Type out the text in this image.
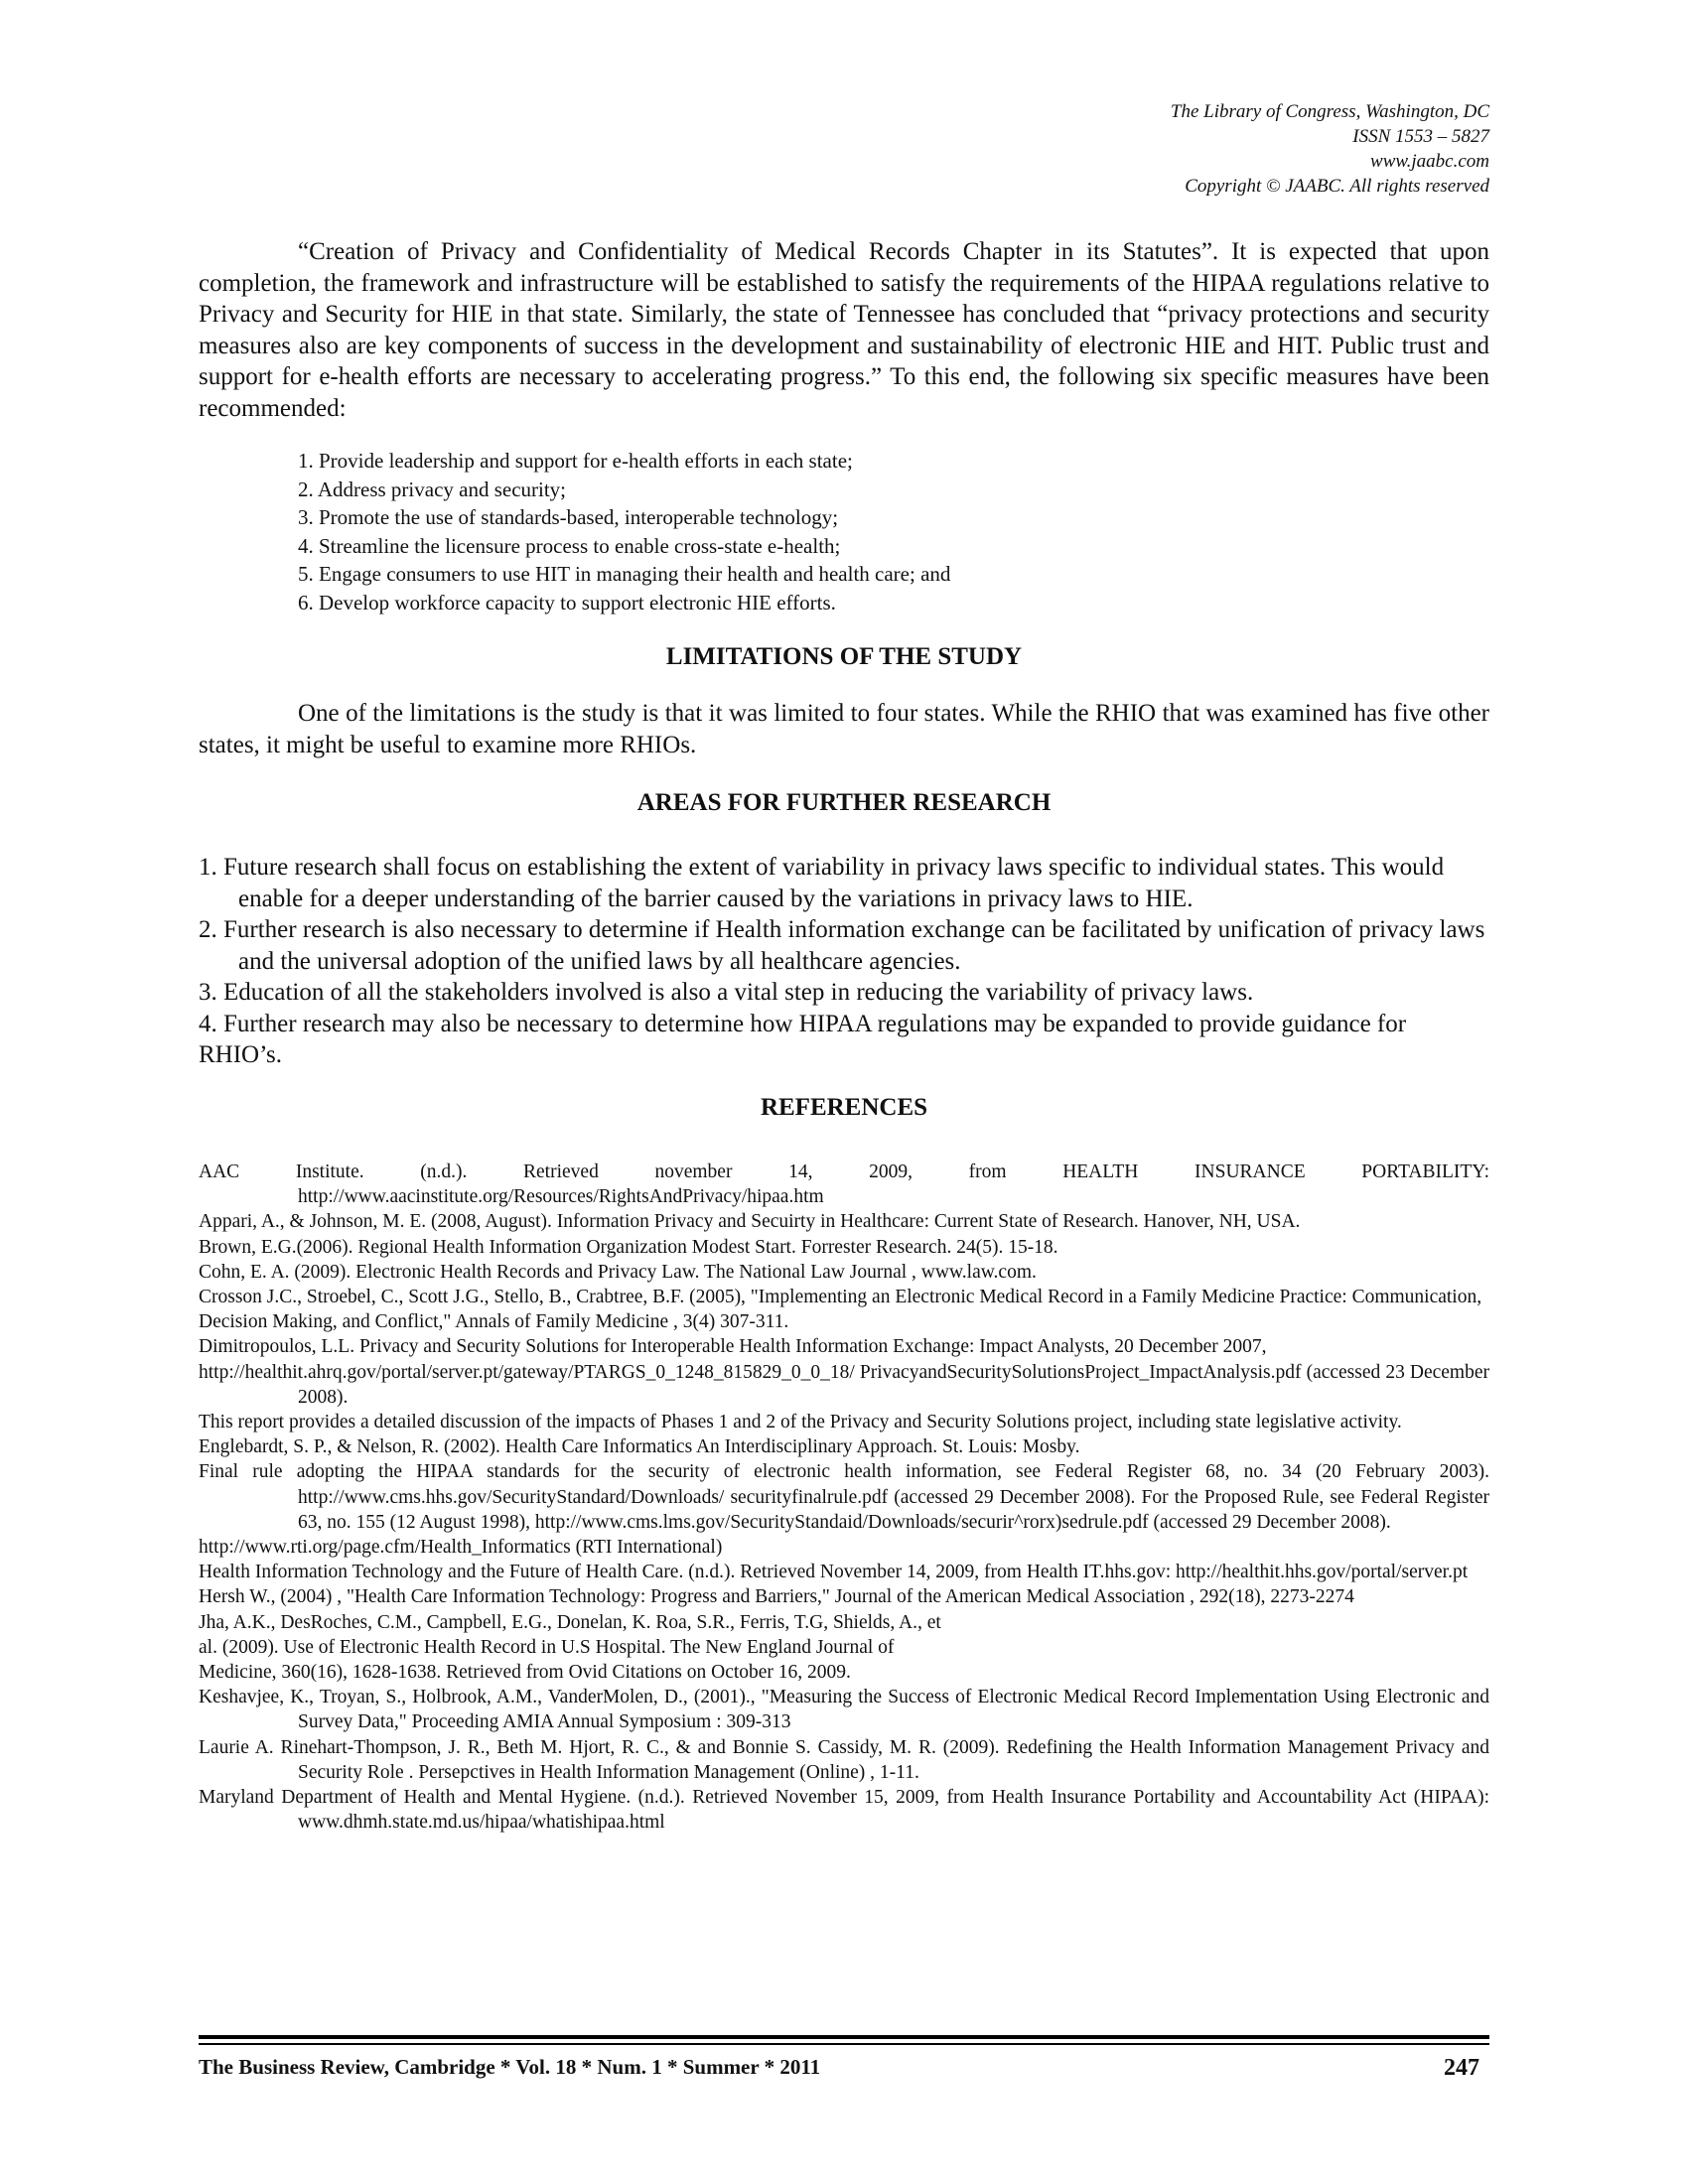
The Library of Congress, Washington, DC
ISSN 1553 – 5827
www.jaabc.com
Copyright © JAABC. All rights reserved

“Creation of Privacy and Confidentiality of Medical Records Chapter in its Statutes”. It is expected that upon completion, the framework and infrastructure will be established to satisfy the requirements of the HIPAA regulations relative to Privacy and Security for HIE in that state. Similarly, the state of Tennessee has concluded that “privacy protections and security measures also are key components of success in the development and sustainability of electronic HIE and HIT. Public trust and support for e-health efforts are necessary to accelerating progress.” To this end, the following six specific measures have been recommended:

1. Provide leadership and support for e-health efforts in each state;
2. Address privacy and security;
3. Promote the use of standards-based, interoperable technology;
4. Streamline the licensure process to enable cross-state e-health;
5. Engage consumers to use HIT in managing their health and health care; and
6. Develop workforce capacity to support electronic HIE efforts.
LIMITATIONS OF THE STUDY

One of the limitations is the study is that it was limited to four states. While the RHIO that was examined has five other states, it might be useful to examine more RHIOs.

AREAS FOR FURTHER RESEARCH
1. Future research shall focus on establishing the extent of variability in privacy laws specific to individual states. This would enable for a deeper understanding of the barrier caused by the variations in privacy laws to HIE.
2. Further research is also necessary to determine if Health information exchange can be facilitated by unification of privacy laws and the universal adoption of the unified laws by all healthcare agencies.
3. Education of all the stakeholders involved is also a vital step in reducing the variability of privacy laws.
4. Further research may also be necessary to determine how HIPAA regulations may be expanded to provide guidance for RHIO’s.
REFERENCES
AAC Institute. (n.d.). Retrieved november 14, 2009, from HEALTH INSURANCE PORTABILITY: http://www.aacinstitute.org/Resources/RightsAndPrivacy/hipaa.htm
Appari, A., & Johnson, M. E. (2008, August). Information Privacy and Secuirty in Healthcare: Current State of Research. Hanover, NH, USA.
Brown, E.G.(2006). Regional Health Information Organization Modest Start. Forrester Research. 24(5). 15-18.
Cohn, E. A. (2009). Electronic Health Records and Privacy Law. The National Law Journal , www.law.com.
Crosson J.C., Stroebel, C., Scott J.G., Stello, B., Crabtree, B.F. (2005), "Implementing an Electronic Medical Record in a Family Medicine Practice: Communication,
Decision Making, and Conflict," Annals of Family Medicine , 3(4) 307-311.
Dimitropoulos, L.L. Privacy and Security Solutions for Interoperable Health Information Exchange: Impact Analysts, 20 December 2007,
http://healthit.ahrq.gov/portal/server.pt/gateway/PTARGS_0_1248_815829_0_0_18/ PrivacyandSecuritySolutionsProject_ImpactAnalysis.pdf (accessed 23 December 2008).
This report provides a detailed discussion of the impacts of Phases 1 and 2 of the Privacy and Security Solutions project, including state legislative activity.
Englebardt, S. P., & Nelson, R. (2002). Health Care Informatics An Interdisciplinary Approach. St. Louis: Mosby.
Final rule adopting the HIPAA standards for the security of electronic health information, see Federal Register 68, no. 34 (20 February 2003). http://www.cms.hhs.gov/SecurityStandard/Downloads/ securityfinalrule.pdf (accessed 29 December 2008). For the Proposed Rule, see Federal Register 63, no. 155 (12 August 1998), http://www.cms.lms.gov/SecurityStandaid/Downloads/securir^rorx)sedrule.pdf (accessed 29 December 2008).
http://www.rti.org/page.cfm/Health_Informatics (RTI International)
Health Information Technology and the Future of Health Care. (n.d.). Retrieved November 14, 2009, from Health IT.hhs.gov: http://healthit.hhs.gov/portal/server.pt
Hersh W., (2004) , "Health Care Information Technology: Progress and Barriers," Journal of the American Medical Association , 292(18), 2273-2274
Jha, A.K., DesRoches, C.M., Campbell, E.G., Donelan, K. Roa, S.R., Ferris, T.G, Shields, A., et
al. (2009). Use of Electronic Health Record in U.S Hospital. The New England Journal of
Medicine, 360(16), 1628-1638. Retrieved from Ovid Citations on October 16, 2009.
Keshavjee, K., Troyan, S., Holbrook, A.M., VanderMolen, D., (2001)., "Measuring the Success of Electronic Medical Record Implementation Using Electronic and Survey Data," Proceeding AMIA Annual Symposium : 309-313
Laurie A. Rinehart-Thompson, J. R., Beth M. Hjort, R. C., & and Bonnie S. Cassidy, M. R. (2009). Redefining the Health Information Management Privacy and Security Role . Persepctives in Health Information Management (Online) , 1-11.
Maryland Department of Health and Mental Hygiene. (n.d.). Retrieved November 15, 2009, from Health Insurance Portability and Accountability Act (HIPAA): www.dhmh.state.md.us/hipaa/whatishipaa.html
The Business Review, Cambridge * Vol. 18 * Num. 1 * Summer * 2011	247
